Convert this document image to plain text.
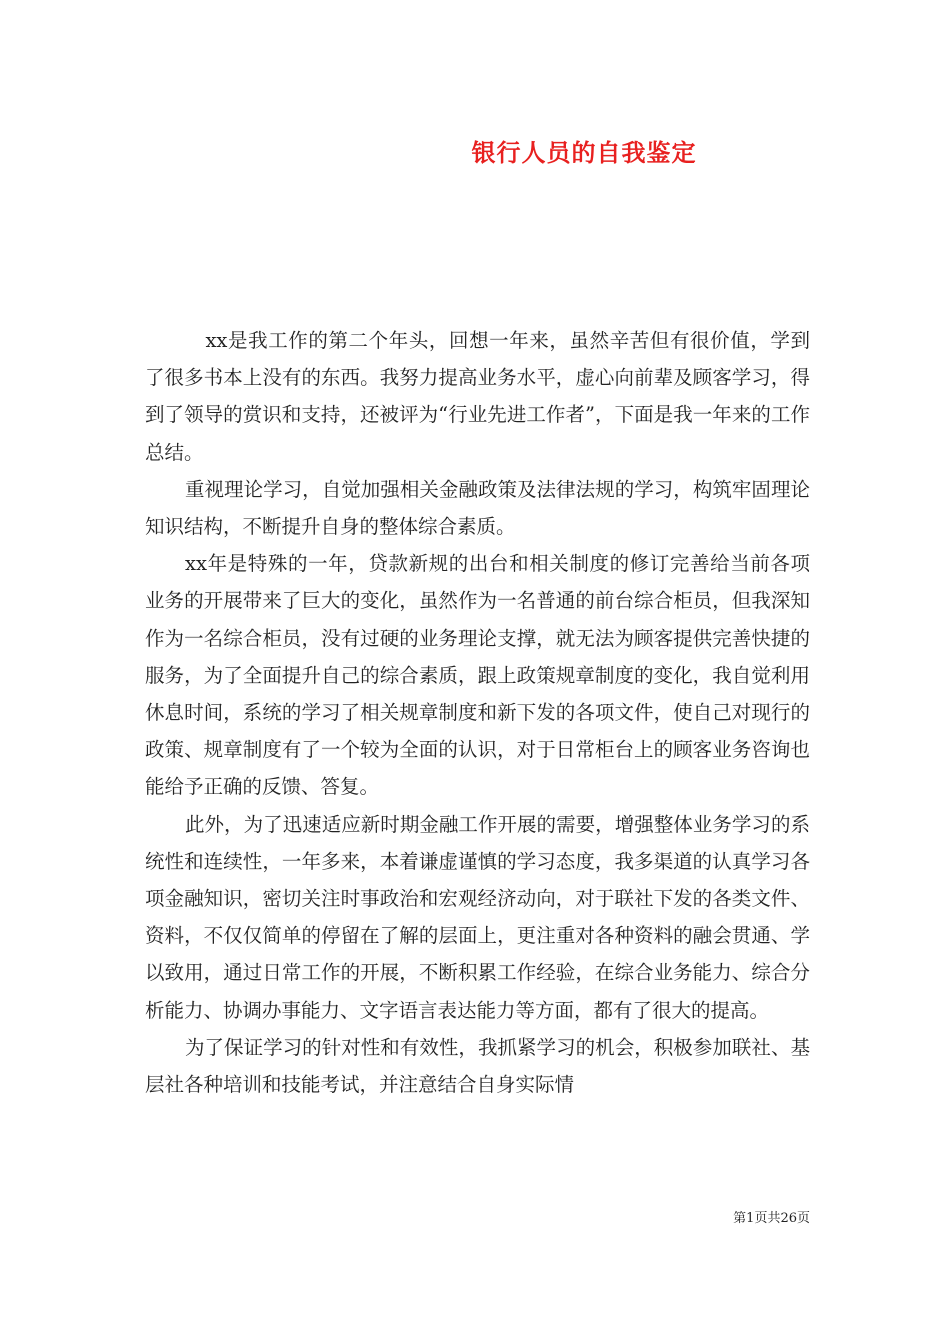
银行人员的自我鉴定

xx是我工作的第二个年头，回想一年来，虽然辛苦但有很价值，学到了很多书本上没有的东西。我努力提高业务水平，虚心向前辈及顾客学习，得到了领导的赏识和支持，还被评为“行业先进工作者”，下面是我一年来的工作总结。

重视理论学习，自觉加强相关金融政策及法律法规的学习，构筑牢固理论知识结构，不断提升自身的整体综合素质。

xx年是特殊的一年，贷款新规的出台和相关制度的修订完善给当前各项业务的开展带来了巨大的变化，虽然作为一名普通的前台综合柜员，但我深知作为一名综合柜员，没有过硬的业务理论支撑，就无法为顾客提供完善快捷的服务，为了全面提升自己的综合素质，跟上政策规章制度的变化，我自觉利用休息时间，系统的学习了相关规章制度和新下发的各项文件，使自己对现行的政策、规章制度有了一个较为全面的认识，对于日常柜台上的顾客业务咨询也能给予正确的反馈、答复。

此外，为了迅速适应新时期金融工作开展的需要，增强整体业务学习的系统性和连续性，一年多来，本着谦虚谨慎的学习态度，我多渠道的认真学习各项金融知识，密切关注时事政治和宏观经济动向，对于联社下发的各类文件、资料，不仅仅简单的停留在了解的层面上，更注重对各种资料的融会贯通、学以致用，通过日常工作的开展，不断积累工作经验，在综合业务能力、综合分析能力、协调办事能力、文字语言表达能力等方面，都有了很大的提高。

为了保证学习的针对性和有效性，我抓紧学习的机会，积极参加联社、基层社各种培训和技能考试，并注意结合自身实际情

第1页共26页
